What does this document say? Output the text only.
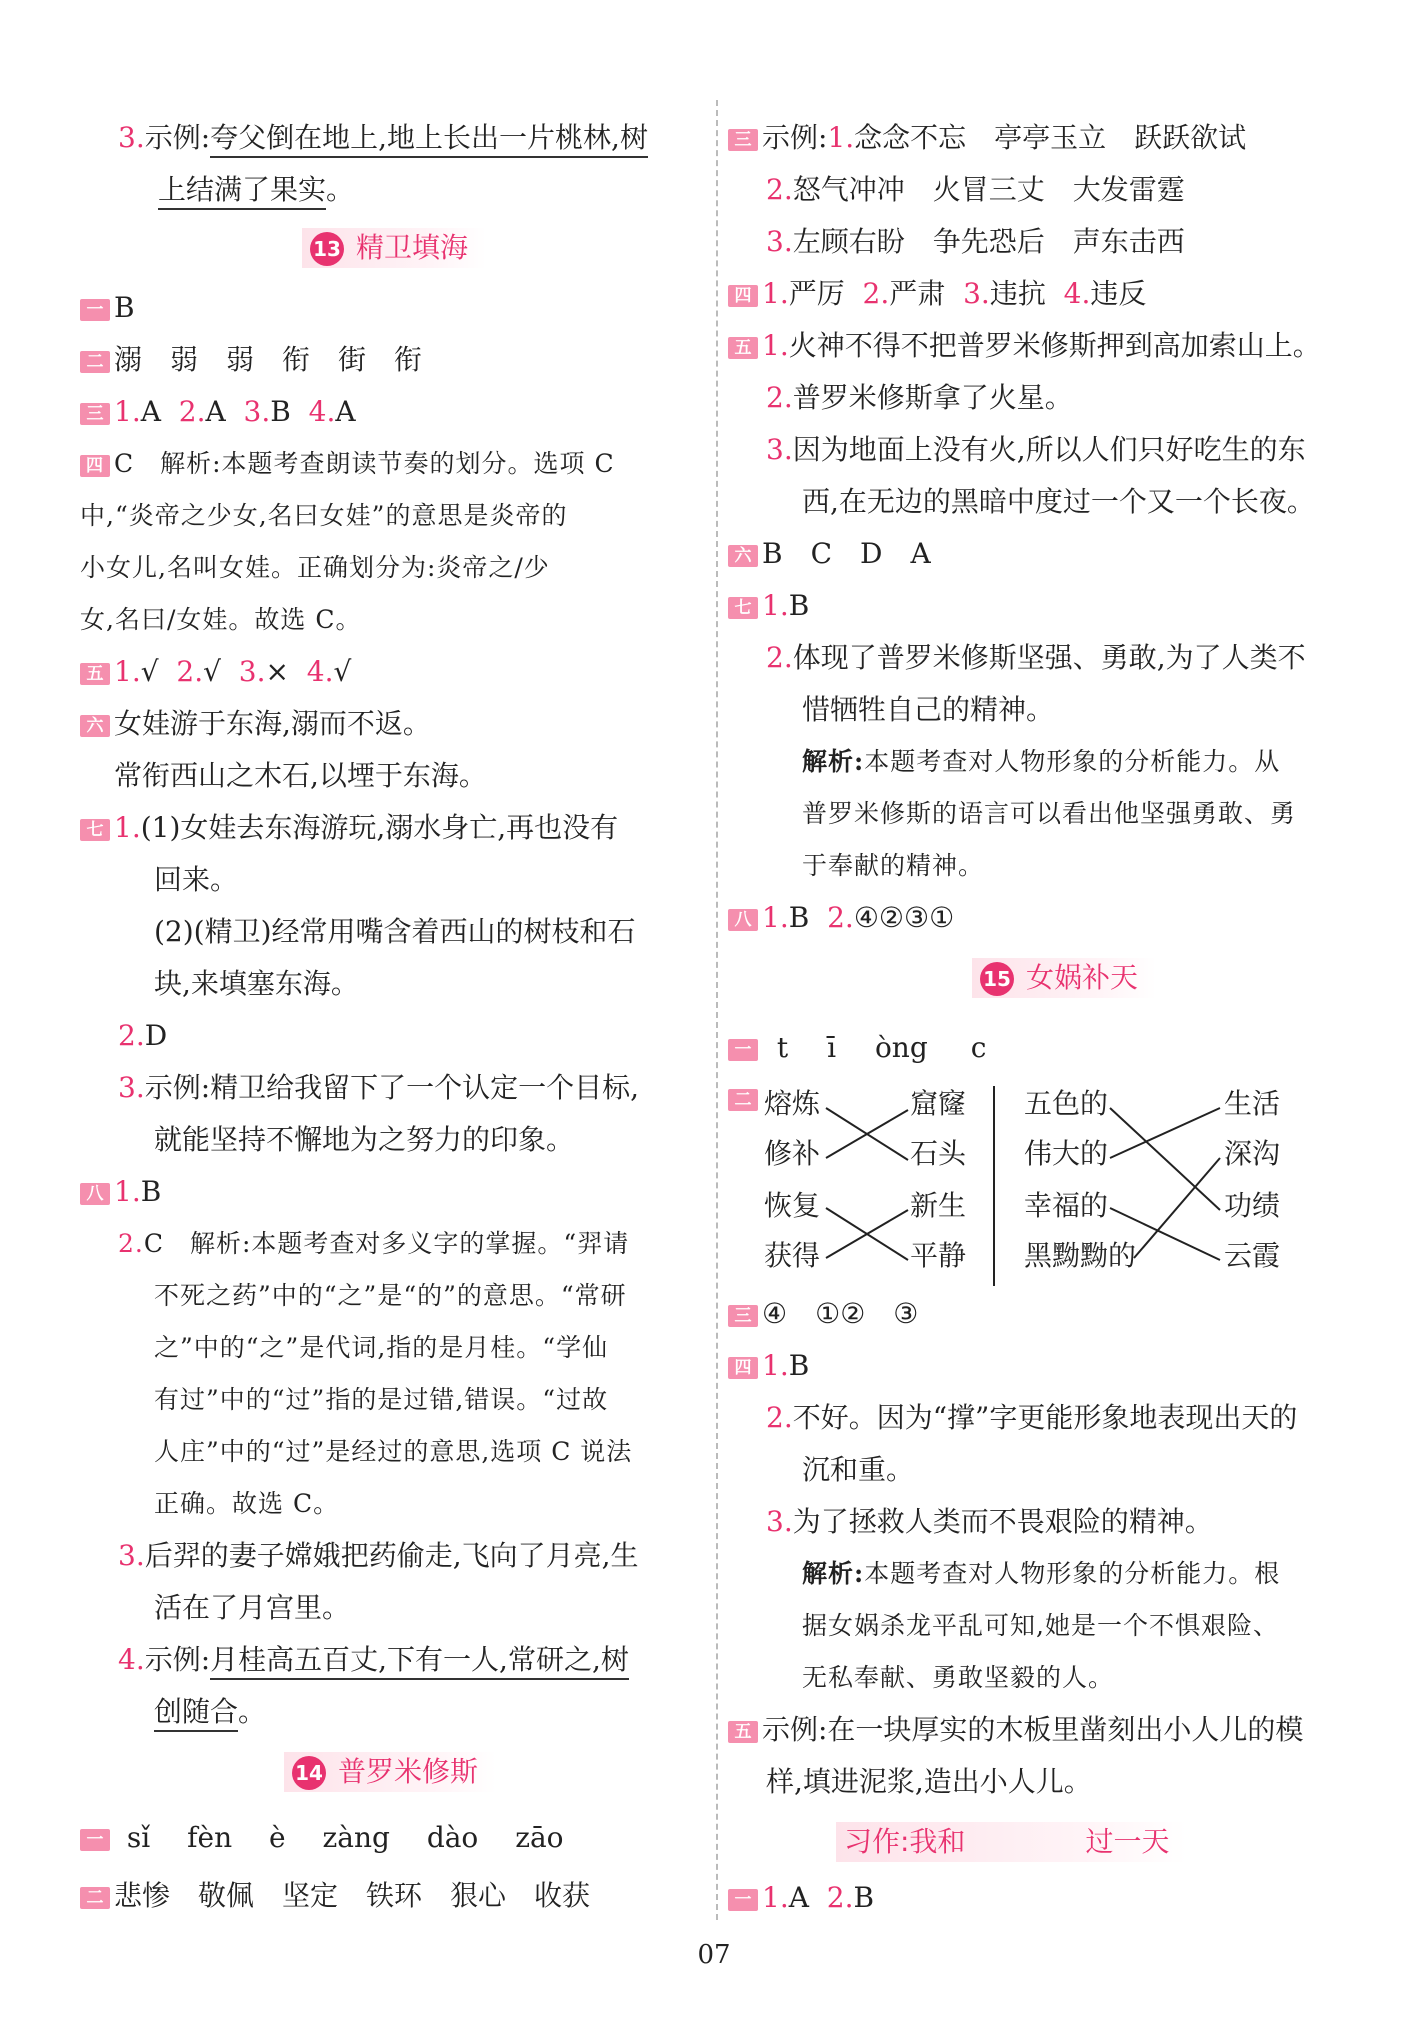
3.示例:夸父倒在地上,地上长出一片桃林,树
上结满了果实。
13 精卫填海
一 B
二 溺　弱　弱　衔　街　衔
三 1.A 2.A 3.B 4.A
四 C　解析:本题考查朗读节奏的划分。选项 C
中,“炎帝之少女,名曰女娃”的意思是炎帝的
小女儿,名叫女娃。正确划分为:炎帝之/少
女,名曰/女娃。故选 C。
五 1.√ 2.√ 3.× 4.√
六 女娃游于东海,溺而不返。
常衔西山之木石,以堙于东海。
七 1.(1)女娃去东海游玩,溺水身亡,再也没有
回来。
(2)(精卫)经常用嘴含着西山的树枝和石
块,来填塞东海。
2.D
3.示例:精卫给我留下了一个认定一个目标,
就能坚持不懈地为之努力的印象。
八 1.B
2.C　解析:本题考查对多义字的掌握。“羿请
不死之药”中的“之”是“的”的意思。“常研
之”中的“之”是代词,指的是月桂。“学仙
有过”中的“过”指的是过错,错误。“过故
人庄”中的“过”是经过的意思,选项 C 说法
正确。故选 C。
3.后羿的妻子嫦娥把药偷走,飞向了月亮,生
活在了月宫里。
4.示例:月桂高五百丈,下有一人,常研之,树
创随合。
14 普罗米修斯
一 sǐ fèn è zàng dào zāo
二 悲惨　敬佩　坚定　铁环　狠心　收获
三 示例:1.念念不忘　亭亭玉立　跃跃欲试
2.怒气冲冲　火冒三丈　大发雷霆
3.左顾右盼　争先恐后　声东击西
四 1.严厉 2.严肃 3.违抗 4.违反
五 1.火神不得不把普罗米修斯押到高加索山上。
2.普罗米修斯拿了火星。
3.因为地面上没有火,所以人们只好吃生的东
西,在无边的黑暗中度过一个又一个长夜。
六 B　C　D　A
七 1.B
2.体现了普罗米修斯坚强、勇敢,为了人类不
惜牺牲自己的精神。
解析:本题考查对人物形象的分析能力。从
普罗米修斯的语言可以看出他坚强勇敢、勇
于奉献的精神。
八 1.B 2.④②③①
15 女娲补天
一 t ī òng c
二 熔炼
修补
恢复
获得
窟窿
石头
新生
平静
五色的
伟大的
幸福的
黑黝黝的
生活
深沟
功绩
云霞
三 ④　①②　③
四 1.B
2.不好。因为“撑”字更能形象地表现出天的
沉和重。
3.为了拯救人类而不畏艰险的精神。
解析:本题考查对人物形象的分析能力。根
据女娲杀龙平乱可知,她是一个不惧艰险、
无私奉献、勇敢坚毅的人。
五 示例:在一块厚实的木板里凿刻出小人儿的模
样,填进泥浆,造出小人儿。
习作:我和	过一天
一 1.A 2.B
07
